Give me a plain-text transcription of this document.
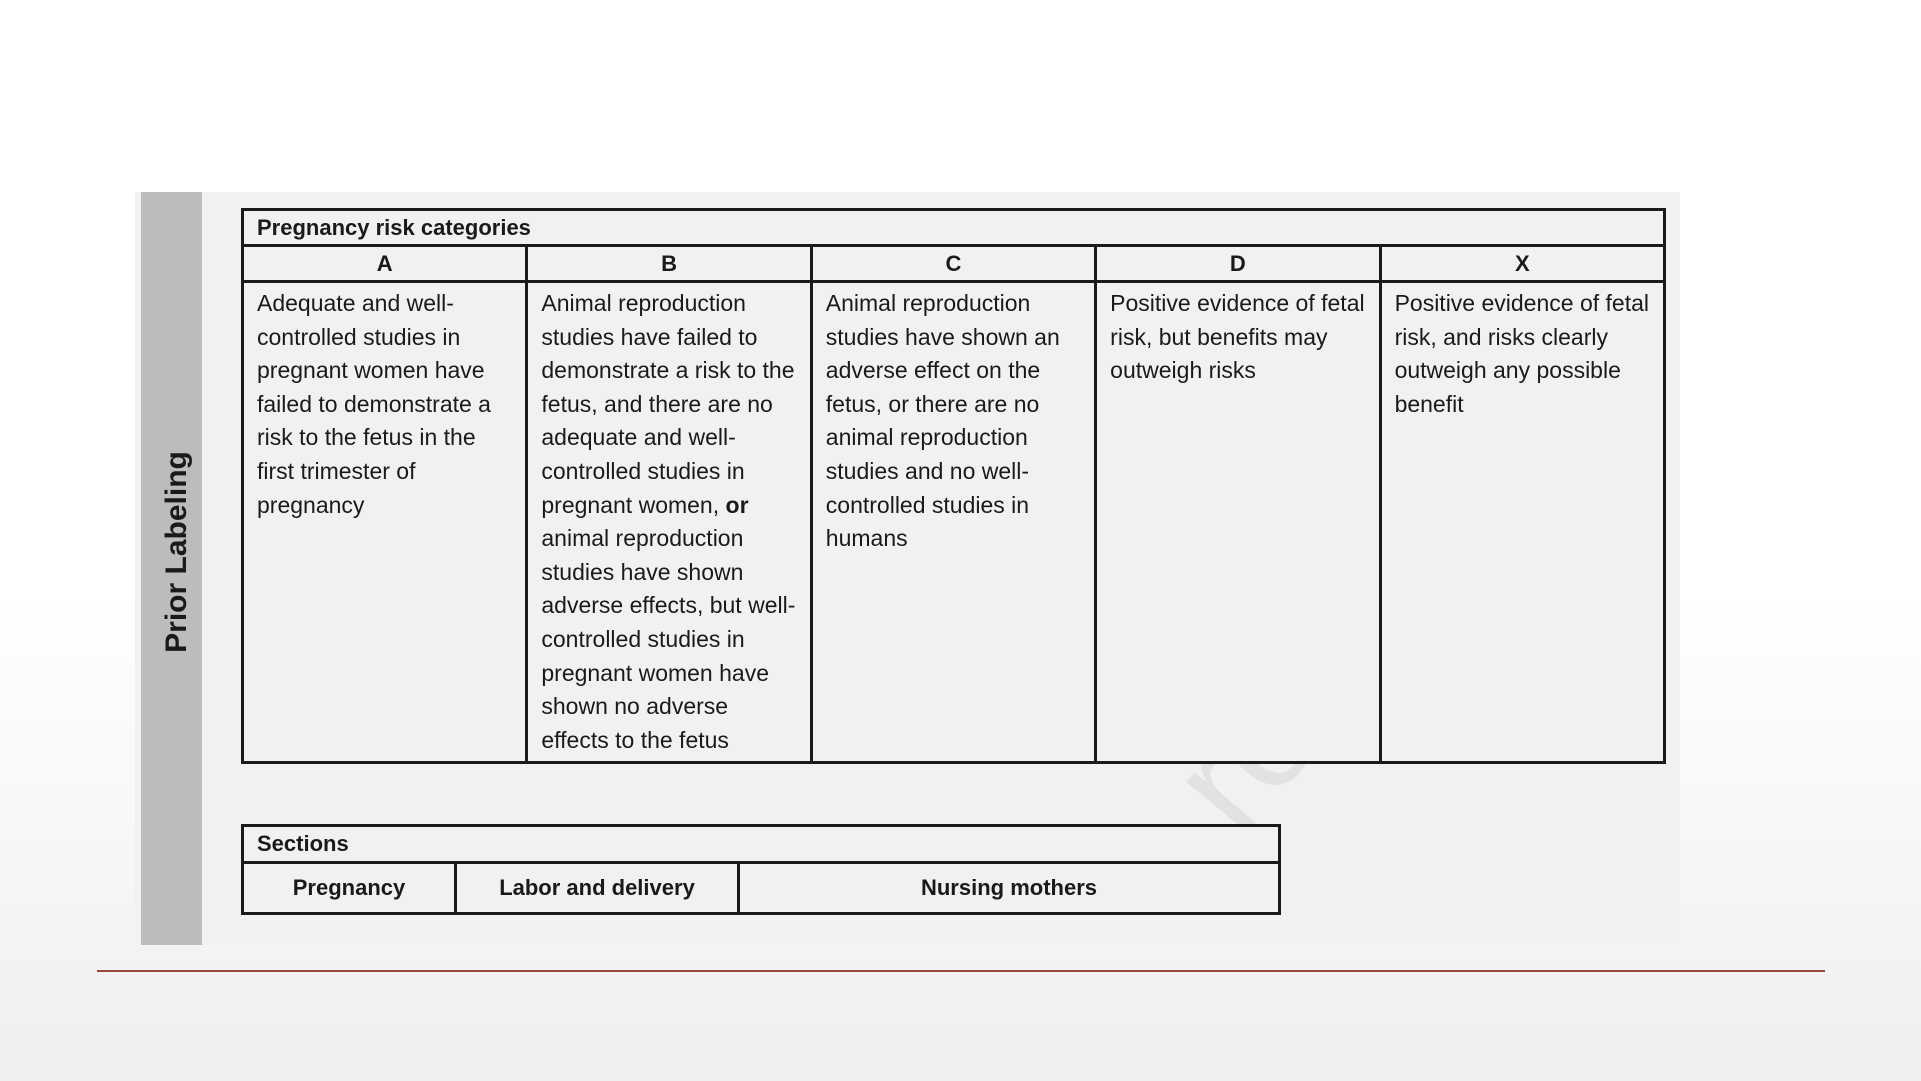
Prior Labeling
Pregnancy risk categories				
A	B	C	D	X
Adequate and well-controlled studies in pregnant women have failed to demonstrate a risk to the fetus in the first trimester of pregnancy	Animal reproduction studies have failed to demonstrate a risk to the fetus, and there are no adequate and well-controlled studies in pregnant women, or animal reproduction studies have shown adverse effects, but well-controlled studies in pregnant women have shown no adverse effects to the fetus	Animal reproduction studies have shown an adverse effect on the fetus, or there are no animal reproduction studies and no well-controlled studies in humans	Positive evidence of fetal risk, but benefits may outweigh risks	Positive evidence of fetal risk, and risks clearly outweigh any possible benefit
Sections
Pregnancy	Labor and delivery	Nursing mothers
